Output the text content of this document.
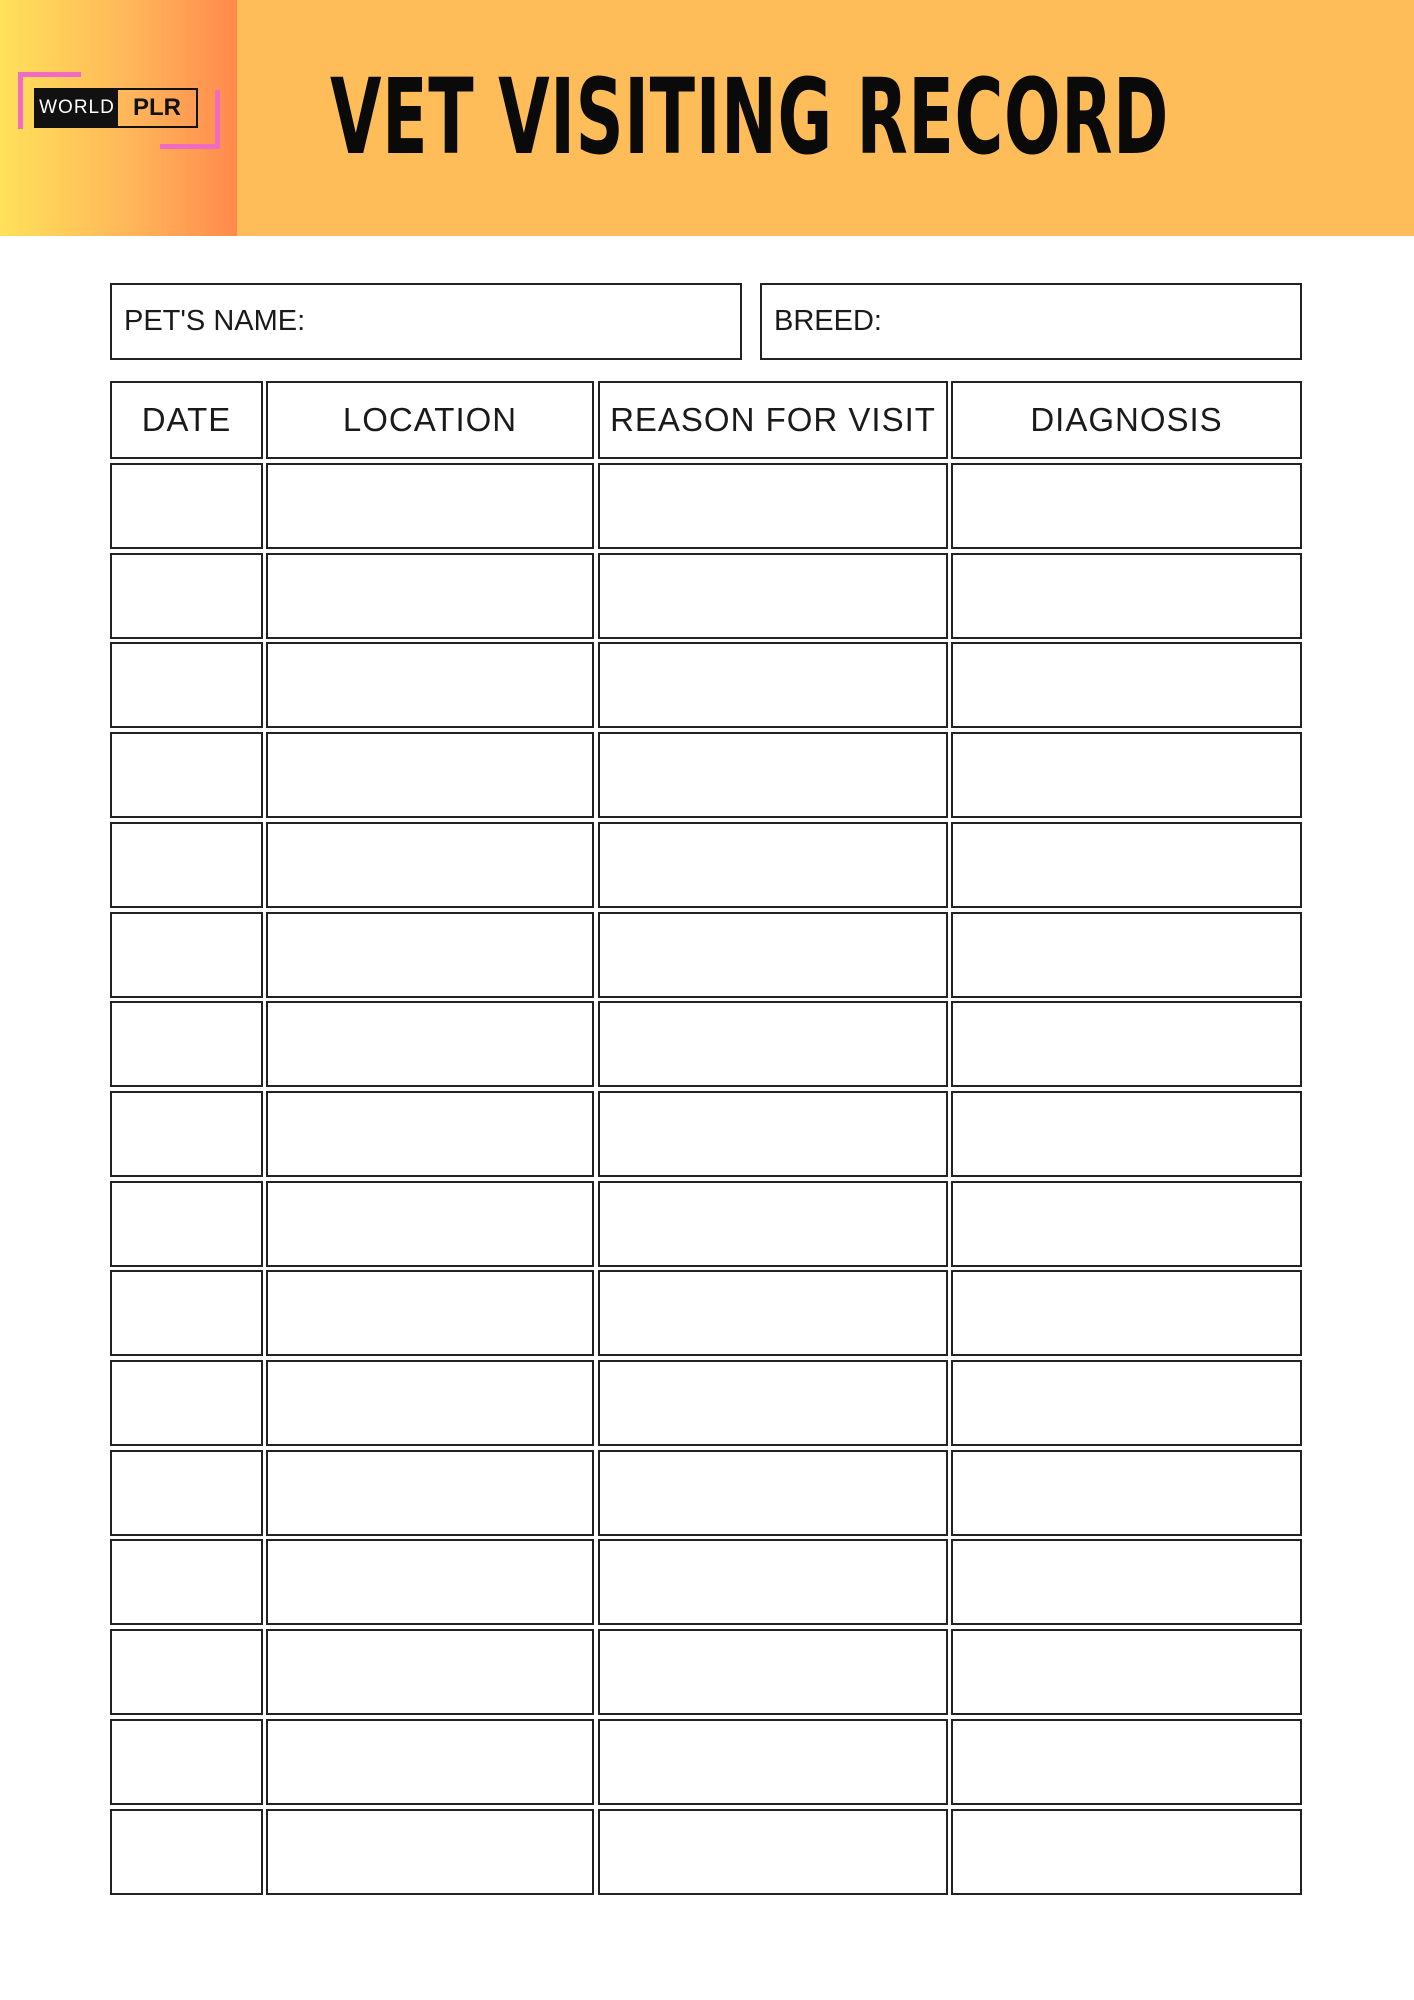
WORLD PLR VET VISITING RECORD
PET'S NAME:	BREED:
DATE	LOCATION	REASON FOR VISIT	DIAGNOSIS
